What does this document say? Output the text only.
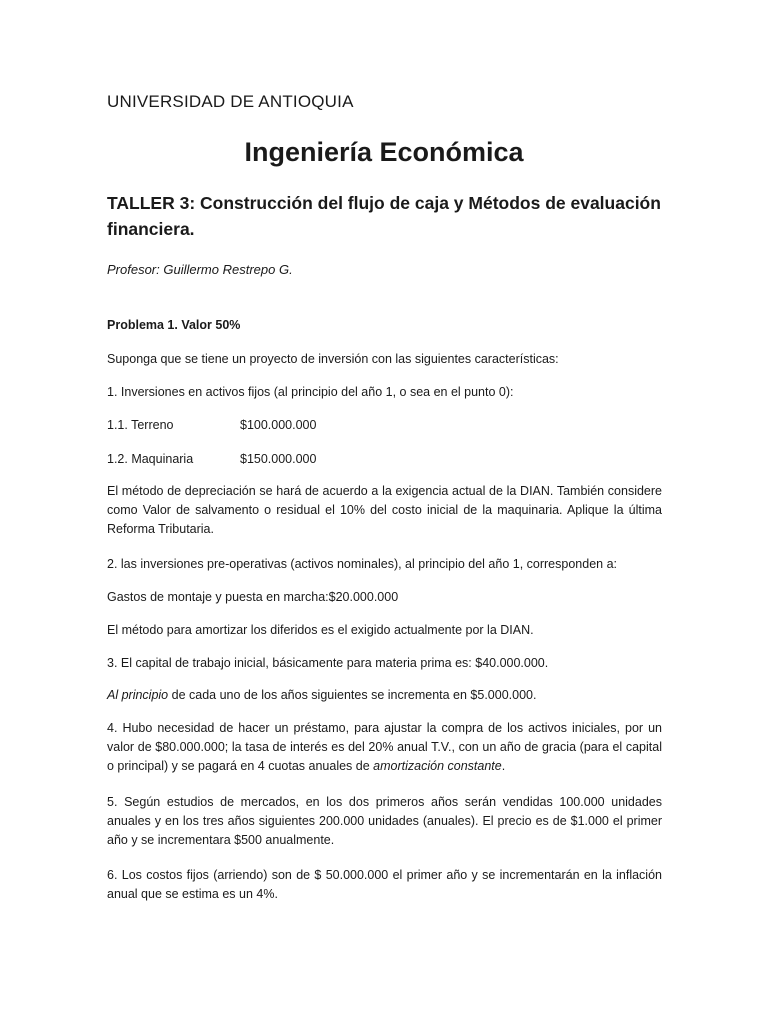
UNIVERSIDAD DE ANTIOQUIA
Ingeniería Económica
TALLER 3: Construcción del flujo de caja y Métodos de evaluación financiera.
Profesor: Guillermo Restrepo G.

Problema 1. Valor 50%

Suponga que se tiene un proyecto de inversión con las siguientes características:

1. Inversiones en activos fijos (al principio del año 1, o sea en el punto 0):

1.1. Terreno	$100.000.000

1.2. Maquinaria	$150.000.000

El método de depreciación se hará de acuerdo a la exigencia actual de la DIAN. También considere como Valor de salvamento o residual el 10% del costo inicial de la maquinaria. Aplique la última Reforma Tributaria.

2. las inversiones pre-operativas (activos nominales), al principio del año 1, corresponden a:

Gastos de montaje y puesta en marcha:$20.000.000

El método para amortizar los diferidos es el exigido actualmente por la DIAN.

3. El capital de trabajo inicial, básicamente para materia prima es: $40.000.000.

Al principio de cada uno de los años siguientes se incrementa en $5.000.000.

4. Hubo necesidad de hacer un préstamo, para ajustar la compra de los activos iniciales, por un valor de $80.000.000; la tasa de interés es del 20% anual T.V., con un año de gracia (para el capital o principal) y se pagará en 4 cuotas anuales de amortización constante.

5. Según estudios de mercados, en los dos primeros años serán vendidas 100.000 unidades anuales y en los tres años siguientes 200.000 unidades (anuales). El precio es de $1.000 el primer año y se incrementara $500 anualmente.

6. Los costos fijos (arriendo) son de $ 50.000.000 el primer año y se incrementarán en la inflación anual que se estima es un 4%.
